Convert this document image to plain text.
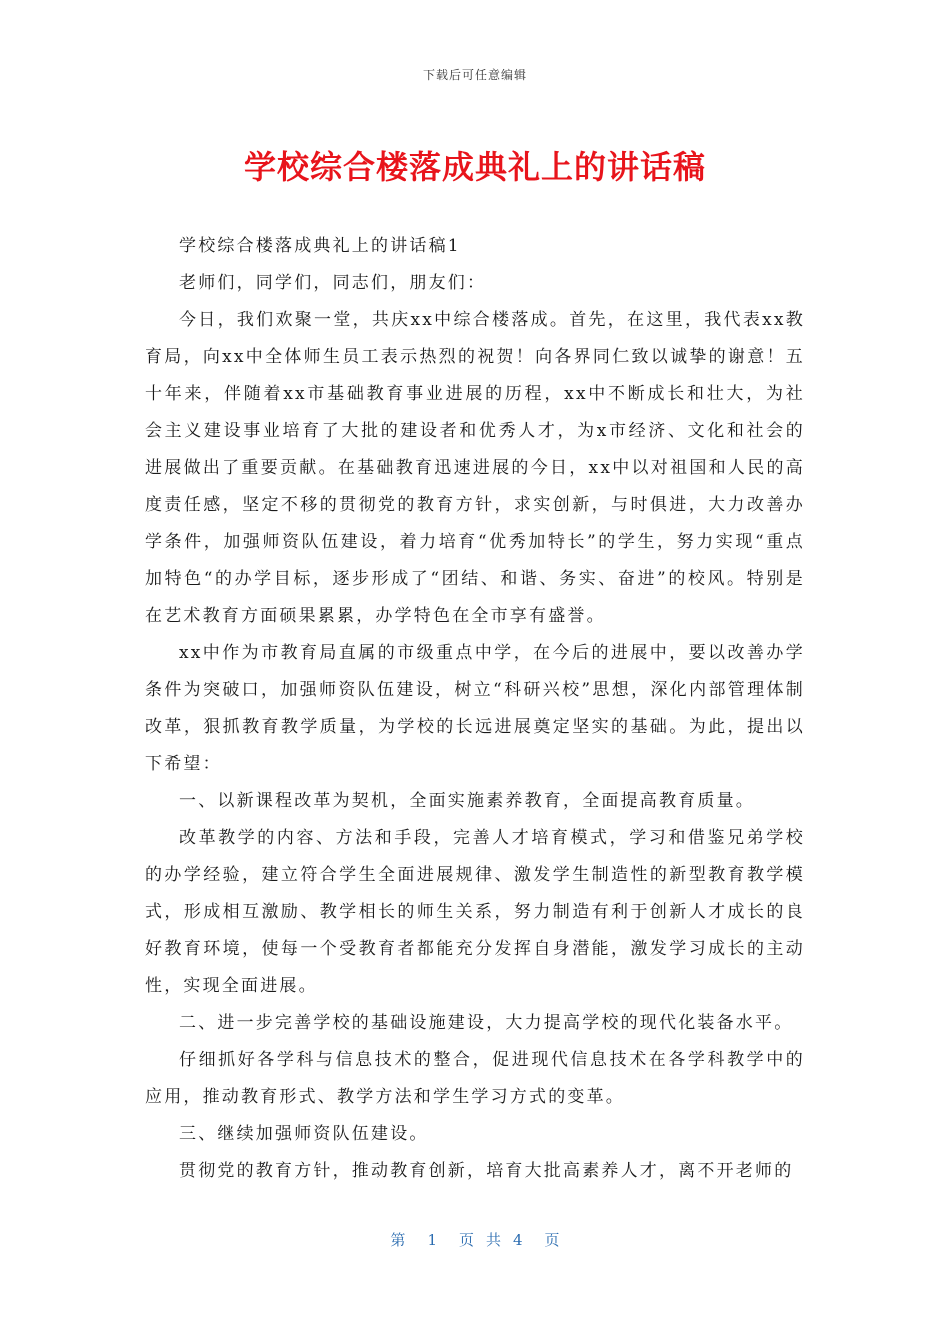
下载后可任意编辑
学校综合楼落成典礼上的讲话稿

学校综合楼落成典礼上的讲话稿1

老师们，同学们，同志们，朋友们：

今日，我们欢聚一堂，共庆xx中综合楼落成。首先，在这里，我代表xx教育局，向xx中全体师生员工表示热烈的祝贺！向各界同仁致以诚挚的谢意！五十年来，伴随着xx市基础教育事业进展的历程，xx中不断成长和壮大，为社会主义建设事业培育了大批的建设者和优秀人才，为x市经济、文化和社会的进展做出了重要贡献。在基础教育迅速进展的今日，xx中以对祖国和人民的高度责任感，坚定不移的贯彻党的教育方针，求实创新，与时俱进，大力改善办学条件，加强师资队伍建设，着力培育“优秀加特长”的学生，努力实现“重点加特色“的办学目标，逐步形成了“团结、和谐、务实、奋进”的校风。特别是在艺术教育方面硕果累累，办学特色在全市享有盛誉。

xx中作为市教育局直属的市级重点中学，在今后的进展中，要以改善办学条件为突破口，加强师资队伍建设，树立“科研兴校”思想，深化内部管理体制改革，狠抓教育教学质量，为学校的长远进展奠定坚实的基础。为此，提出以下希望：

一、以新课程改革为契机，全面实施素养教育，全面提高教育质量。

改革教学的内容、方法和手段，完善人才培育模式，学习和借鉴兄弟学校的办学经验，建立符合学生全面进展规律、激发学生制造性的新型教育教学模式，形成相互激励、教学相长的师生关系，努力制造有利于创新人才成长的良好教育环境，使每一个受教育者都能充分发挥自身潜能，激发学习成长的主动性，实现全面进展。

二、进一步完善学校的基础设施建设，大力提高学校的现代化装备水平。

仔细抓好各学科与信息技术的整合，促进现代信息技术在各学科教学中的应用，推动教育形式、教学方法和学生学习方式的变革。

三、继续加强师资队伍建设。

贯彻党的教育方针，推动教育创新，培育大批高素养人才，离不开老师的

第 1 页共4 页
